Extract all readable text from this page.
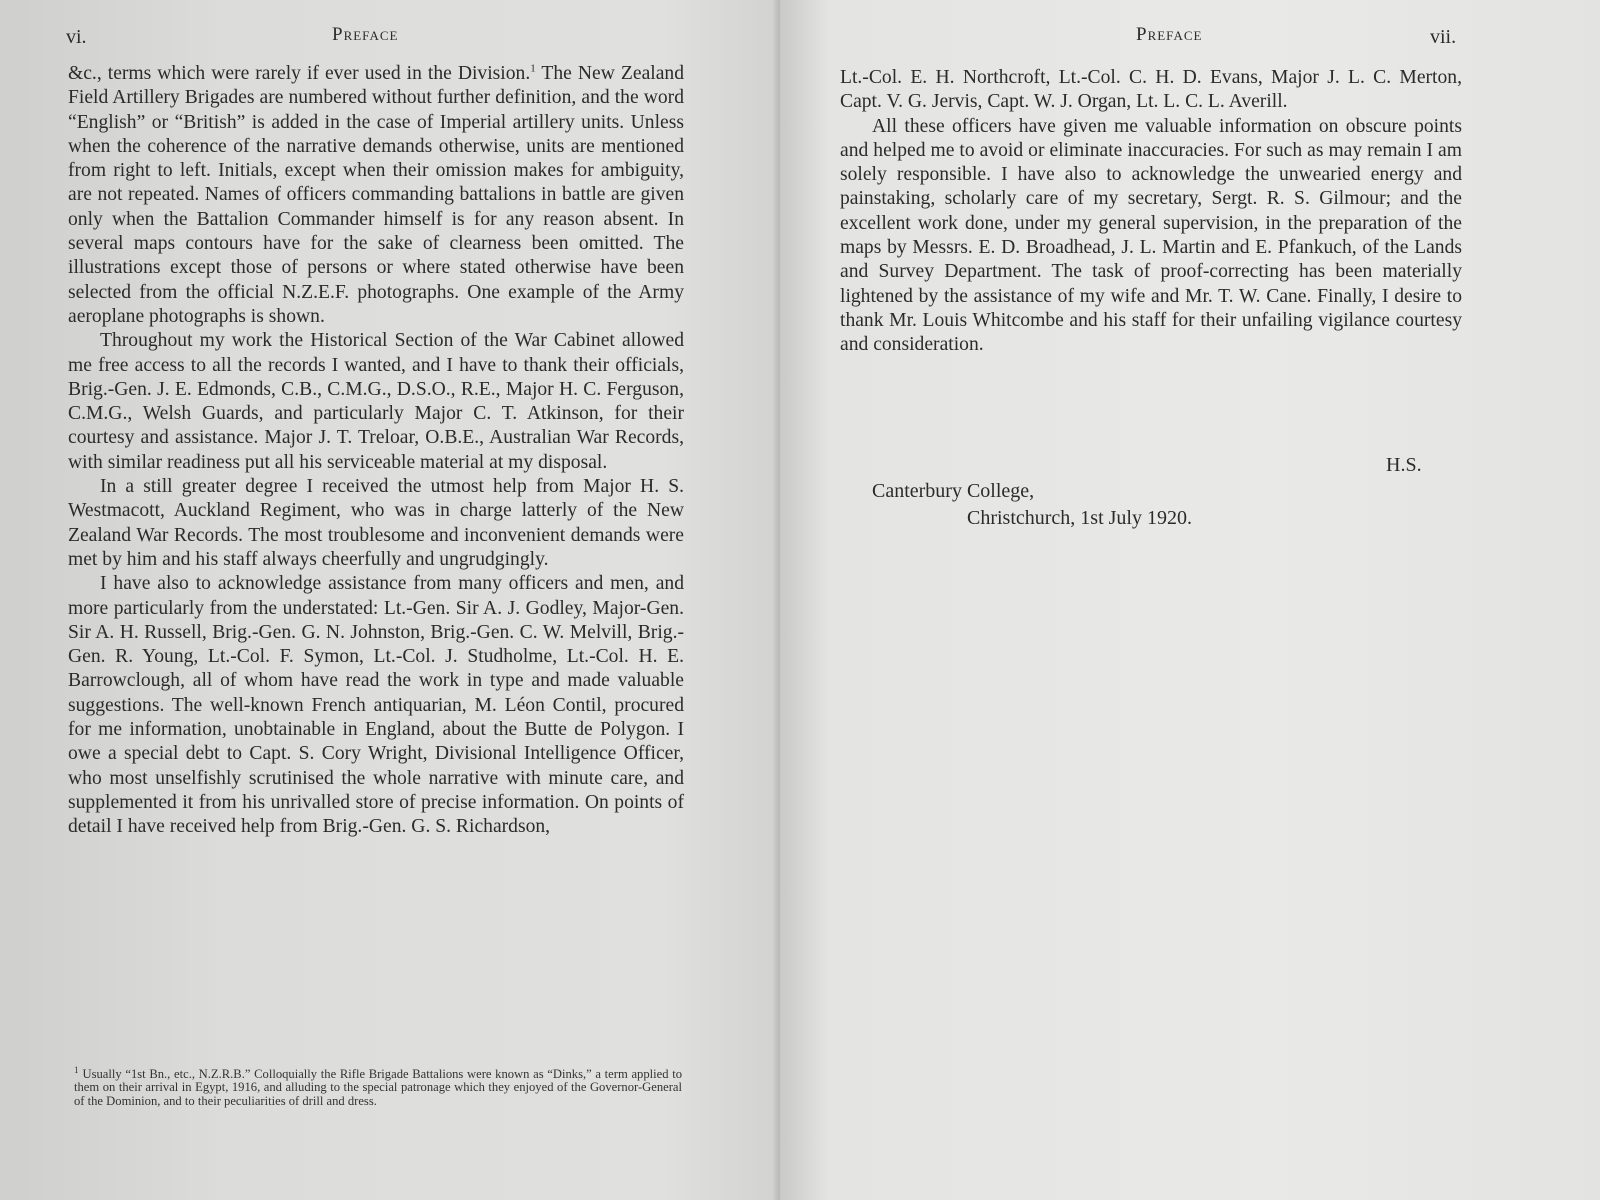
vi.	Preface

&c., terms which were rarely if ever used in the Division.$^1$ The New Zealand Field Artillery Brigades are numbered without further definition, and the word “English” or “British” is added in the case of Imperial artillery units. Unless when the coherence of the narrative demands otherwise, units are mentioned from right to left. Initials, except when their omission makes for ambiguity, are not repeated. Names of officers commanding battalions in battle are given only when the Battalion Commander himself is for any reason absent. In several maps contours have for the sake of clearness been omitted. The illustrations except those of persons or where stated otherwise have been selected from the official N.Z.E.F. photographs. One example of the Army aeroplane photographs is shown.

Throughout my work the Historical Section of the War Cabinet allowed me free access to all the records I wanted, and I have to thank their officials, Brig.-Gen. J. E. Edmonds, C.B., C.M.G., D.S.O., R.E., Major H. C. Ferguson, C.M.G., Welsh Guards, and particularly Major C. T. Atkinson, for their courtesy and assistance. Major J. T. Treloar, O.B.E., Australian War Records, with similar readiness put all his serviceable material at my disposal.

In a still greater degree I received the utmost help from Major H. S. Westmacott, Auckland Regiment, who was in charge latterly of the New Zealand War Records. The most troublesome and inconvenient demands were met by him and his staff always cheerfully and ungrudgingly.

I have also to acknowledge assistance from many officers and men, and more particularly from the understated: Lt.-Gen. Sir A. J. Godley, Major-Gen. Sir A. H. Russell, Brig.-Gen. G. N. Johnston, Brig.-Gen. C. W. Melvill, Brig.-Gen. R. Young, Lt.-Col. F. Symon, Lt.-Col. J. Studholme, Lt.-Col. H. E. Barrowclough, all of whom have read the work in type and made valuable suggestions. The well-known French antiquarian, M. Léon Contil, procured for me information, unobtainable in England, about the Butte de Polygon. I owe a special debt to Capt. S. Cory Wright, Divisional Intelligence Officer, who most unselfishly scrutinised the whole narrative with minute care, and supplemented it from his unrivalled store of precise information. On points of detail I have received help from Brig.-Gen. G. S. Richardson,

$^1$ Usually “1st Bn., etc., N.Z.R.B.” Colloquially the Rifle Brigade Battalions were known as “Dinks,” a term applied to them on their arrival in Egypt, 1916, and alluding to the special patronage which they enjoyed of the Governor-General of the Dominion, and to their peculiarities of drill and dress.
Preface	vii.

Lt.-Col. E. H. Northcroft, Lt.-Col. C. H. D. Evans, Major J. L. C. Merton, Capt. V. G. Jervis, Capt. W. J. Organ, Lt. L. C. L. Averill.

All these officers have given me valuable information on obscure points and helped me to avoid or eliminate inaccuracies. For such as may remain I am solely responsible. I have also to acknowledge the unwearied energy and painstaking, scholarly care of my secretary, Sergt. R. S. Gilmour; and the excellent work done, under my general supervision, in the preparation of the maps by Messrs. E. D. Broadhead, J. L. Martin and E. Pfankuch, of the Lands and Survey Department. The task of proof-correcting has been materially lightened by the assistance of my wife and Mr. T. W. Cane. Finally, I desire to thank Mr. Louis Whitcombe and his staff for their unfailing vigilance courtesy and consideration.

H.S.
Canterbury College,
Christchurch, 1st July 1920.
